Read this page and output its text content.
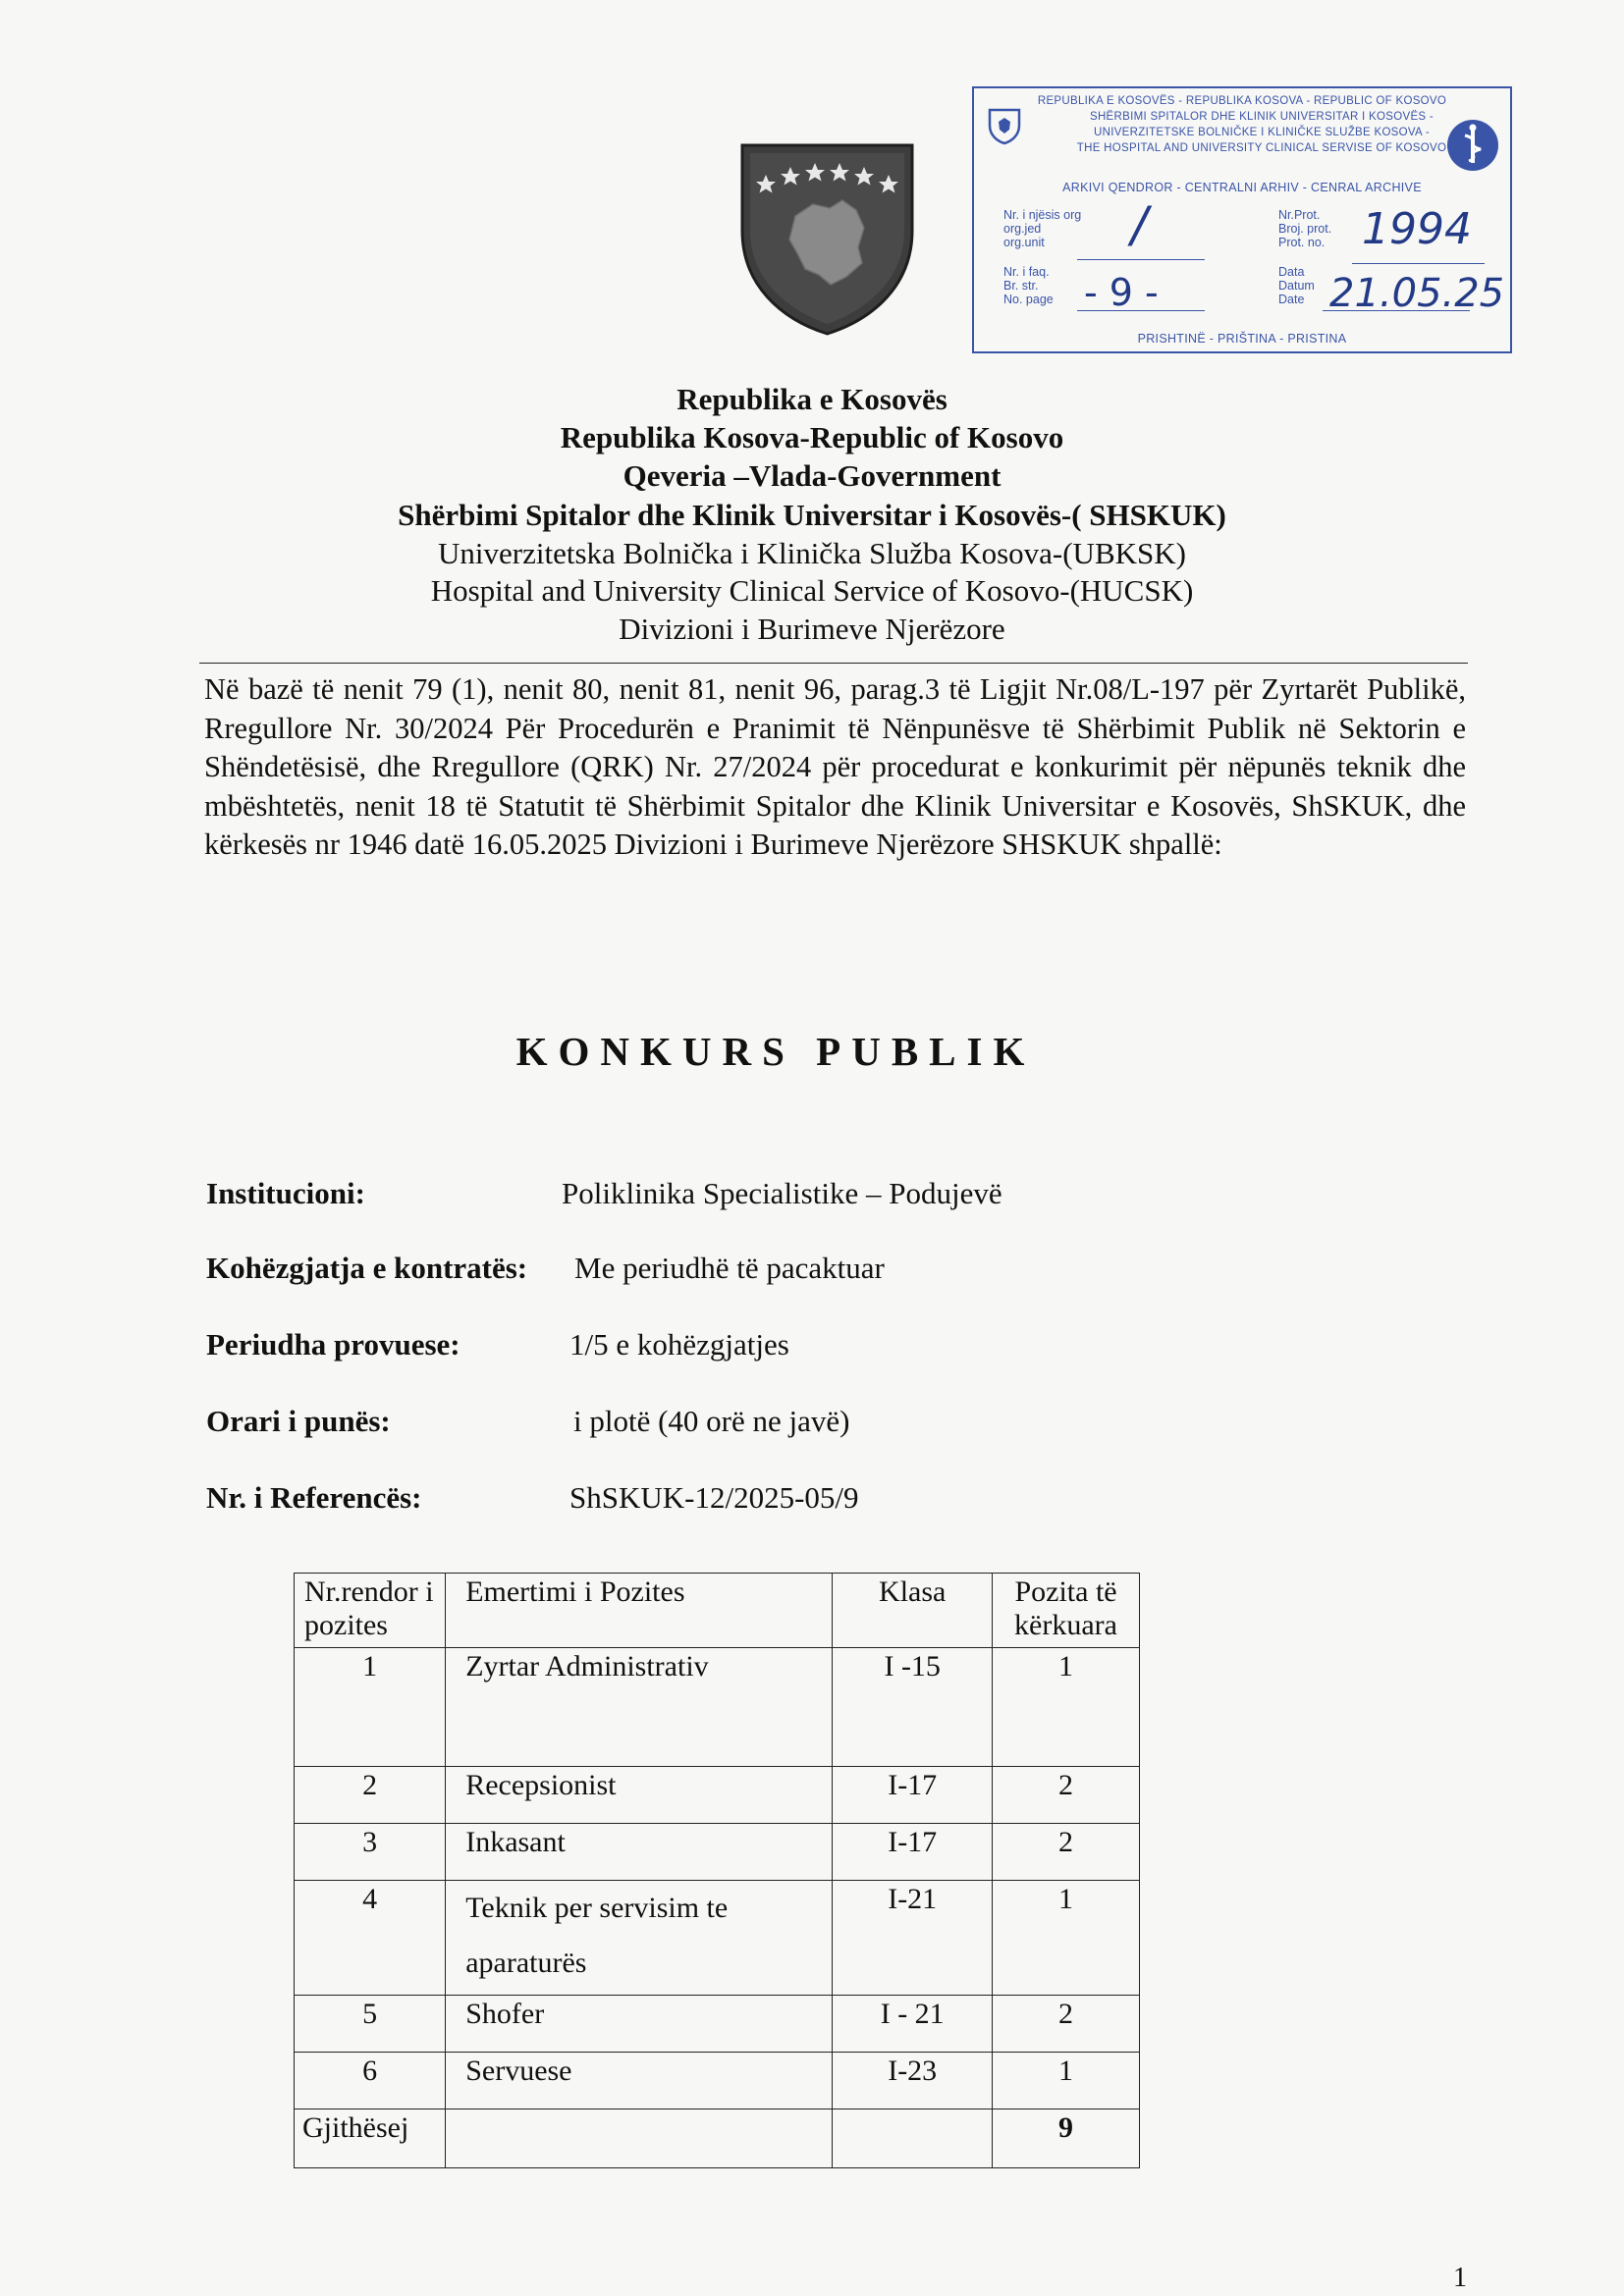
REPUBLIKA E KOSOVËS - REPUBLIKA KOSOVA - REPUBLIC OF KOSOVO
SHËRBIMI SPITALOR DHE KLINIK UNIVERSITAR I KOSOVËS -
UNIVERZITETSKE BOLNIČKE I KLINIČKE SLUŽBE KOSOVA -
THE HOSPITAL AND UNIVERSITY CLINICAL SERVISE OF KOSOVO
ARKIVI QENDROR - CENTRALNI ARHIV - CENRAL ARCHIVE
Nr. i njësis org
org.jed
org.unit /
Nr. i faq.
Br. str.
No. page - 9 -
Nr.Prot.
Broj. prot.
Prot. no. 1994
Data
Datum
Date 21.05.25
PRISHTINË - PRIŠTINA - PRISTINA
Republika e Kosovës
Republika Kosova-Republic of Kosovo
Qeveria –Vlada-Government
Shërbimi Spitalor dhe Klinik Universitar i Kosovës-( SHSKUK)
Univerzitetska Bolnička i Klinička Služba Kosova-(UBKSK)
Hospital and University Clinical Service of Kosovo-(HUCSK)
Divizioni i Burimeve Njerëzore
Në bazë të nenit 79 (1), nenit 80, nenit 81, nenit 96, parag.3 të Ligjit Nr.08/L-197 për Zyrtarët Publikë, Rregullore Nr. 30/2024 Për Procedurën e Pranimit të Nënpunësve të Shërbimit Publik në Sektorin e Shëndetësisë, dhe Rregullore (QRK) Nr. 27/2024 për procedurat e konkurimit për nëpunës teknik dhe mbështetës, nenit 18 të Statutit të Shërbimit Spitalor dhe Klinik Universitar e Kosovës, ShSKUK, dhe kërkesës nr 1946 datë 16.05.2025 Divizioni i Burimeve Njerëzore SHSKUK shpallë:
KONKURS PUBLIK
Institucioni:	Poliklinika Specialistike – Podujevë
Kohëzgjatja e kontratës: Me periudhë të pacaktuar
Periudha provuese:	1/5 e kohëzgjatjes
Orari i punës:	i plotë (40 orë ne javë)
Nr. i Referencës:	ShSKUK-12/2025-05/9
Nr.rendor i pozites	Emertimi i Pozites	Klasa	Pozita të kërkuara
1	Zyrtar Administrativ	I -15	1
2	Recepsionist	I-17	2
3	Inkasant	I-17	2
4	Teknik per servisim te
aparaturës	I-21	1
5	Shofer	I - 21	2
6	Servuese	I-23	1
Gjithësej			9
1
